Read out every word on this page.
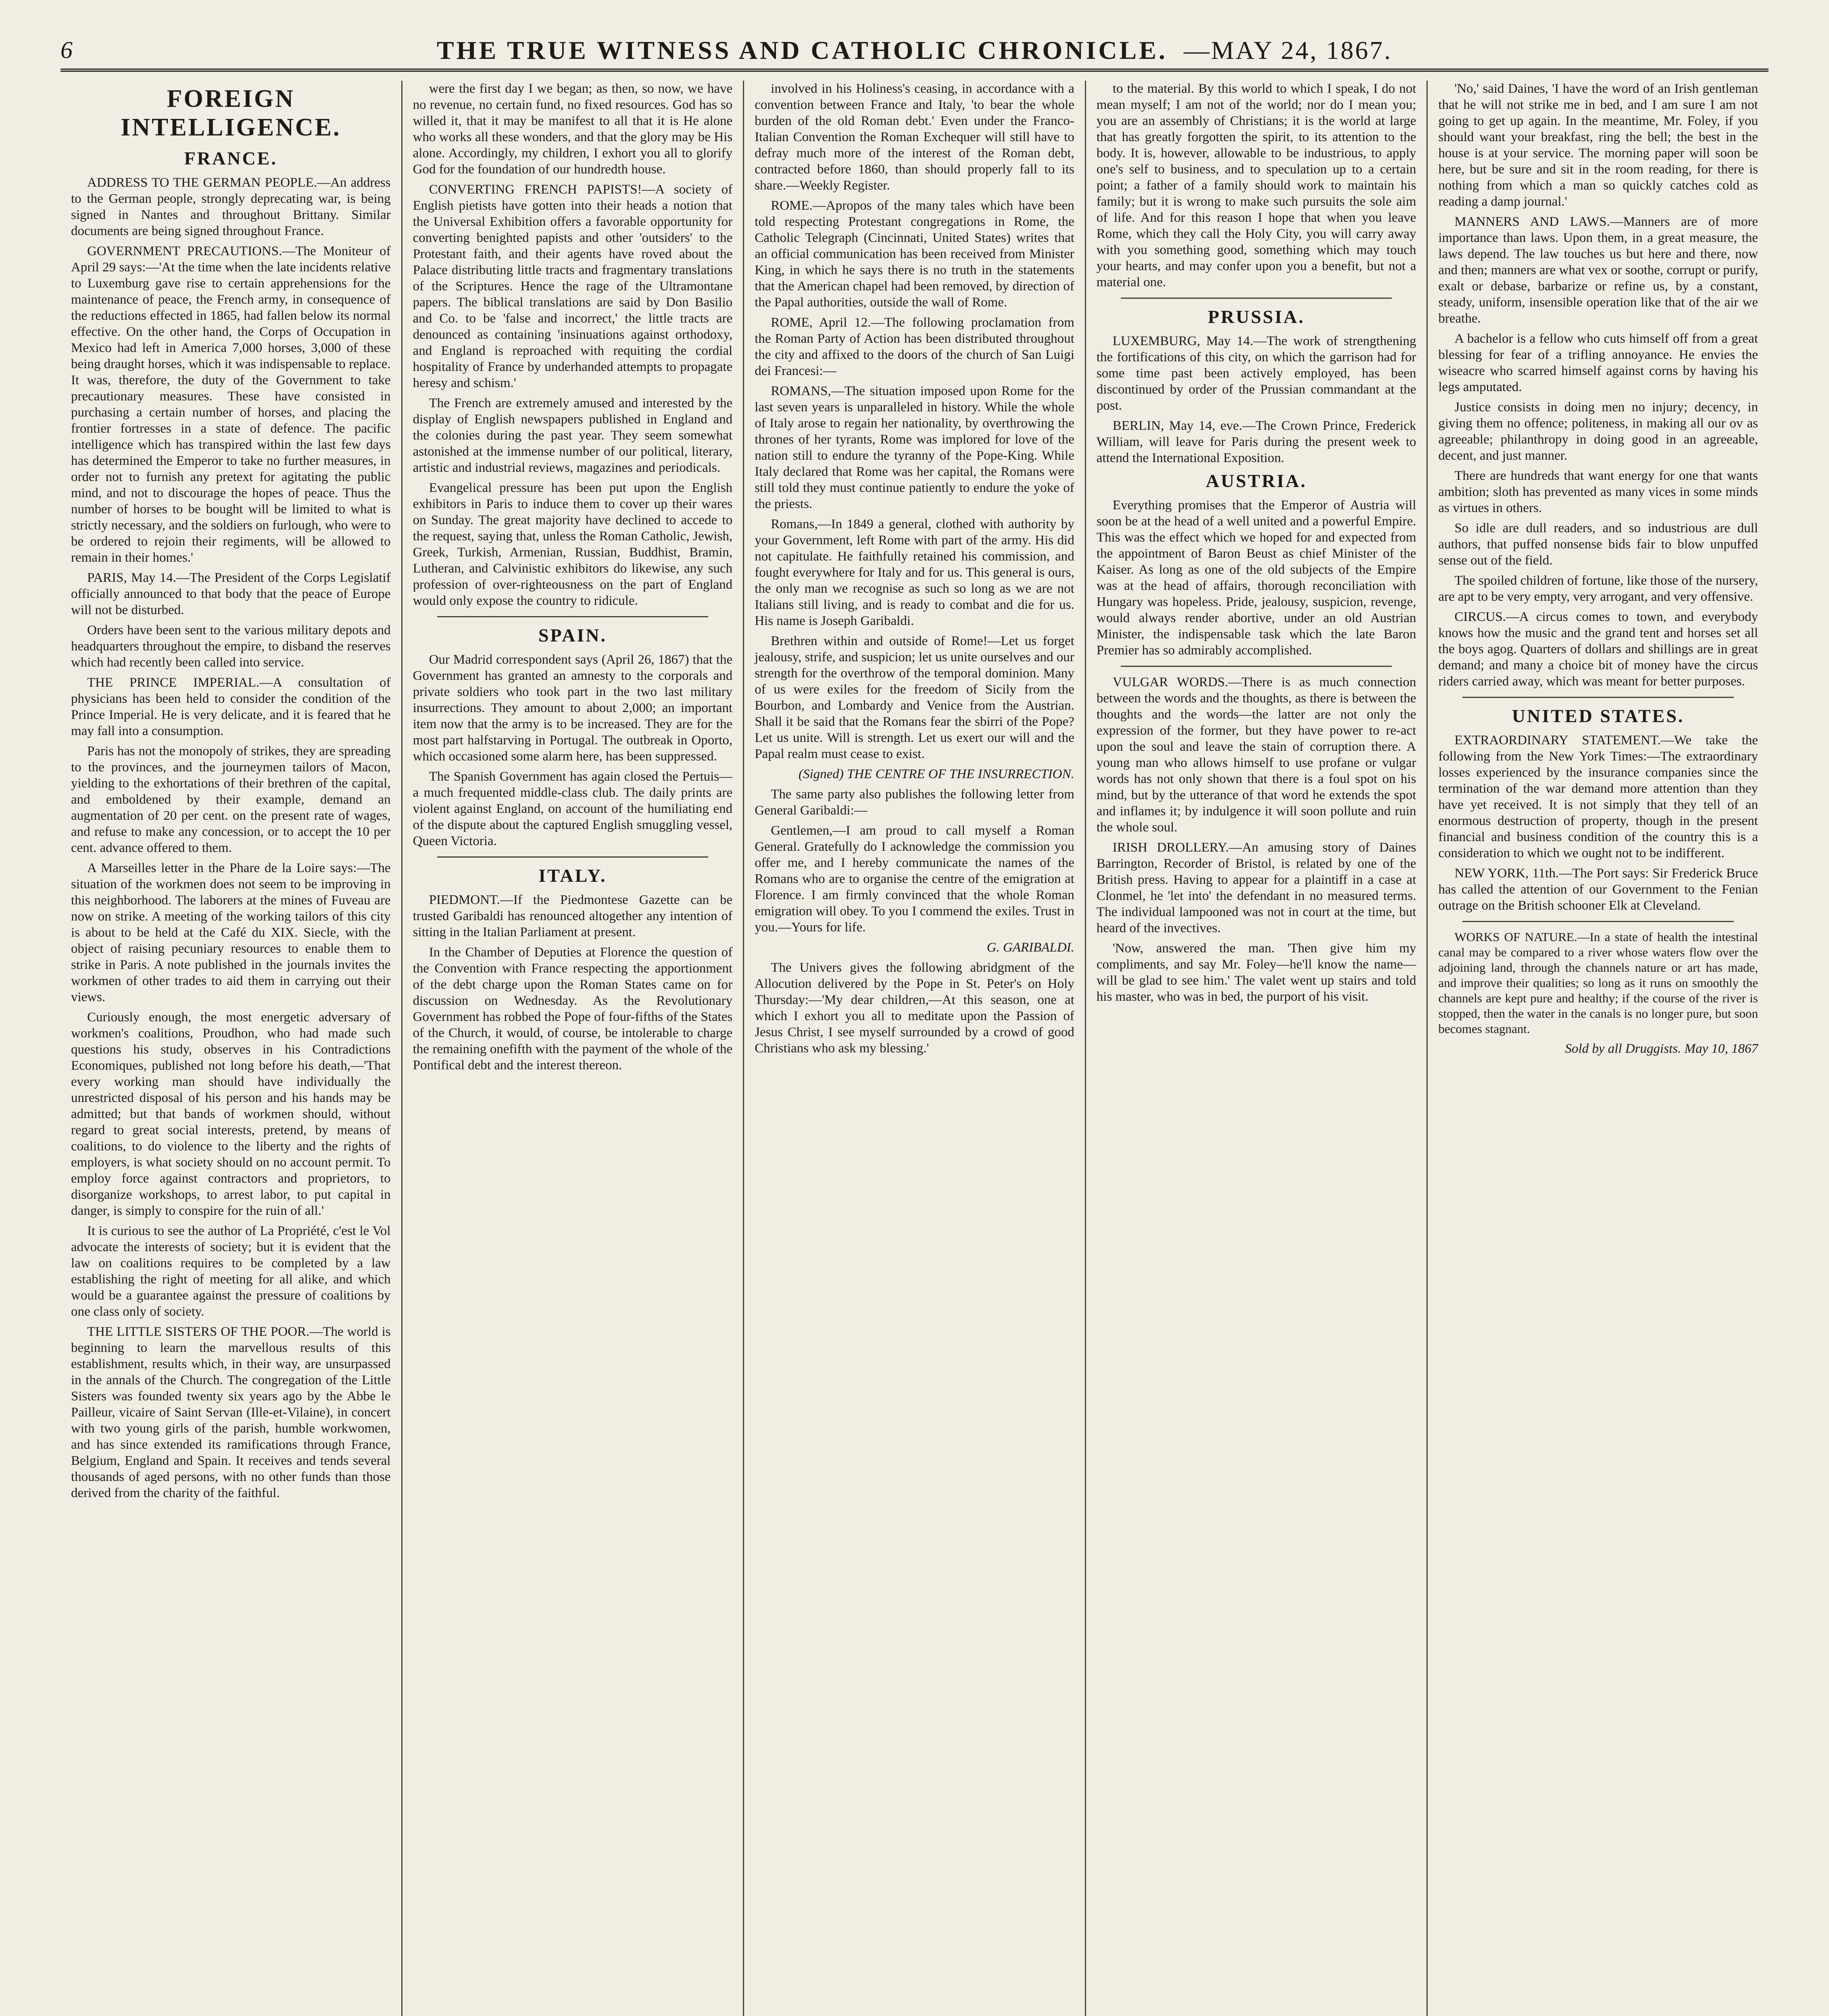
6	THE TRUE WITNESS AND CATHOLIC CHRONICLE. —MAY 24, 1867.
FOREIGN INTELLIGENCE.
FRANCE.

ADDRESS TO THE GERMAN PEOPLE.—An address to the German people, strongly deprecating war, is being signed in Nantes and throughout Brittany. Similar documents are being signed throughout France.

GOVERNMENT PRECAUTIONS.—The Moniteur of April 29 says:—'At the time when the late incidents relative to Luxemburg gave rise to certain apprehensions for the maintenance of peace, the French army, in consequence of the reductions effected in 1865, had fallen below its normal effective. On the other hand, the Corps of Occupation in Mexico had left in America 7,000 horses, 3,000 of these being draught horses, which it was indispensable to replace. It was, therefore, the duty of the Government to take precautionary measures. These have consisted in purchasing a certain number of horses, and placing the frontier fortresses in a state of defence. The pacific intelligence which has transpired within the last few days has determined the Emperor to take no further measures, in order not to furnish any pretext for agitating the public mind, and not to discourage the hopes of peace. Thus the number of horses to be bought will be limited to what is strictly necessary, and the soldiers on furlough, who were to be ordered to rejoin their regiments, will be allowed to remain in their homes.'

PARIS, May 14.—The President of the Corps Legislatif officially announced to that body that the peace of Europe will not be disturbed.

Orders have been sent to the various military depots and headquarters throughout the empire, to disband the reserves which had recently been called into service.

THE PRINCE IMPERIAL.—A consultation of physicians has been held to consider the condition of the Prince Imperial. He is very delicate, and it is feared that he may fall into a consumption.

Paris has not the monopoly of strikes, they are spreading to the provinces, and the journeymen tailors of Macon, yielding to the exhortations of their brethren of the capital, and emboldened by their example, demand an augmentation of 20 per cent. on the present rate of wages, and refuse to make any concession, or to accept the 10 per cent. advance offered to them.

A Marseilles letter in the Phare de la Loire says:—The situation of the workmen does not seem to be improving in this neighborhood. The laborers at the mines of Fuveau are now on strike. A meeting of the working tailors of this city is about to be held at the Café du XIX. Siecle, with the object of raising pecuniary resources to enable them to strike in Paris. A note published in the journals invites the workmen of other trades to aid them in carrying out their views.

Curiously enough, the most energetic adversary of workmen's coalitions, Proudhon, who had made such questions his study, observes in his Contradictions Economiques, published not long before his death,—'That every working man should have individually the unrestricted disposal of his person and his hands may be admitted; but that bands of workmen should, without regard to great social interests, pretend, by means of coalitions, to do violence to the liberty and the rights of employers, is what society should on no account permit. To employ force against contractors and proprietors, to disorganize workshops, to arrest labor, to put capital in danger, is simply to conspire for the ruin of all.'

It is curious to see the author of La Propriété, c'est le Vol advocate the interests of society; but it is evident that the law on coalitions requires to be completed by a law establishing the right of meeting for all alike, and which would be a guarantee against the pressure of coalitions by one class only of society.

THE LITTLE SISTERS OF THE POOR.—The world is beginning to learn the marvellous results of this establishment, results which, in their way, are unsurpassed in the annals of the Church. The congregation of the Little Sisters was founded twenty six years ago by the Abbe le Pailleur, vicaire of Saint Servan (Ille-et-Vilaine), in concert with two young girls of the parish, humble workwomen, and has since extended its ramifications through France, Belgium, England and Spain. It receives and tends several thousands of aged persons, with no other funds than those derived from the charity of the faithful.

were the first day I we began; as then, so now, we have no revenue, no certain fund, no fixed resources. God has so willed it, that it may be manifest to all that it is He alone who works all these wonders, and that the glory may be His alone. Accordingly, my children, I exhort you all to glorify God for the foundation of our hundredth house.

CONVERTING FRENCH PAPISTS!—A society of English pietists have gotten into their heads a notion that the Universal Exhibition offers a favorable opportunity for converting benighted papists and other 'outsiders' to the Protestant faith, and their agents have roved about the Palace distributing little tracts and fragmentary translations of the Scriptures. Hence the rage of the Ultramontane papers. The biblical translations are said by Don Basilio and Co. to be 'false and incorrect,' the little tracts are denounced as containing 'insinuations against orthodoxy, and England is reproached with requiting the cordial hospitality of France by underhanded attempts to propagate heresy and schism.'

The French are extremely amused and interested by the display of English newspapers published in England and the colonies during the past year. They seem somewhat astonished at the immense number of our political, literary, artistic and industrial reviews, magazines and periodicals.

Evangelical pressure has been put upon the English exhibitors in Paris to induce them to cover up their wares on Sunday. The great majority have declined to accede to the request, saying that, unless the Roman Catholic, Jewish, Greek, Turkish, Armenian, Russian, Buddhist, Bramin, Lutheran, and Calvinistic exhibitors do likewise, any such profession of over-righteousness on the part of England would only expose the country to ridicule.

SPAIN.

Our Madrid correspondent says (April 26, 1867) that the Government has granted an amnesty to the corporals and private soldiers who took part in the two last military insurrections. They amount to about 2,000; an important item now that the army is to be increased. They are for the most part halfstarving in Portugal. The outbreak in Oporto, which occasioned some alarm here, has been suppressed.

The Spanish Government has again closed the Pertuis—a much frequented middle-class club. The daily prints are violent against England, on account of the humiliating end of the dispute about the captured English smuggling vessel, Queen Victoria.

ITALY.

PIEDMONT.—If the Piedmontese Gazette can be trusted Garibaldi has renounced altogether any intention of sitting in the Italian Parliament at present.

In the Chamber of Deputies at Florence the question of the Convention with France respecting the apportionment of the debt charge upon the Roman States came on for discussion on Wednesday. As the Revolutionary Government has robbed the Pope of four-fifths of the States of the Church, it would, of course, be intolerable to charge the remaining onefifth with the payment of the whole of the Pontifical debt and the interest thereon.

involved in his Holiness's ceasing, in accordance with a convention between France and Italy, 'to bear the whole burden of the old Roman debt.' Even under the Franco-Italian Convention the Roman Exchequer will still have to defray much more of the interest of the Roman debt, contracted before 1860, than should properly fall to its share.—Weekly Register.

ROME.—Apropos of the many tales which have been told respecting Protestant congregations in Rome, the Catholic Telegraph (Cincinnati, United States) writes that an official communication has been received from Minister King, in which he says there is no truth in the statements that the American chapel had been removed, by direction of the Papal authorities, outside the wall of Rome.

ROME, April 12.—The following proclamation from the Roman Party of Action has been distributed throughout the city and affixed to the doors of the church of San Luigi dei Francesi:—

ROMANS,—The situation imposed upon Rome for the last seven years is unparalleled in history. While the whole of Italy arose to regain her nationality, by overthrowing the thrones of her tyrants, Rome was implored for love of the nation still to endure the tyranny of the Pope-King. While Italy declared that Rome was her capital, the Romans were still told they must continue patiently to endure the yoke of the priests.

Romans,—In 1849 a general, clothed with authority by your Government, left Rome with part of the army. His did not capitulate. He faithfully retained his commission, and fought everywhere for Italy and for us. This general is ours, the only man we recognise as such so long as we are not Italians still living, and is ready to combat and die for us. His name is Joseph Garibaldi.

Brethren within and outside of Rome!—Let us forget jealousy, strife, and suspicion; let us unite ourselves and our strength for the overthrow of the temporal dominion. Many of us were exiles for the freedom of Sicily from the Bourbon, and Lombardy and Venice from the Austrian. Shall it be said that the Romans fear the sbirri of the Pope? Let us unite. Will is strength. Let us exert our will and the Papal realm must cease to exist.

(Signed) THE CENTRE OF THE INSURRECTION.

The same party also publishes the following letter from General Garibaldi:—

Gentlemen,—I am proud to call myself a Roman General. Gratefully do I acknowledge the commission you offer me, and I hereby communicate the names of the Romans who are to organise the centre of the emigration at Florence. I am firmly convinced that the whole Roman emigration will obey. To you I commend the exiles. Trust in you.—Yours for life.

G. GARIBALDI.

The Univers gives the following abridgment of the Allocution delivered by the Pope in St. Peter's on Holy Thursday:—'My dear children,—At this season, one at which I exhort you all to meditate upon the Passion of Jesus Christ, I see myself surrounded by a crowd of good Christians who ask my blessing.'

to the material. By this world to which I speak, I do not mean myself; I am not of the world; nor do I mean you; you are an assembly of Christians; it is the world at large that has greatly forgotten the spirit, to its attention to the body. It is, however, allowable to be industrious, to apply one's self to business, and to speculation up to a certain point; a father of a family should work to maintain his family; but it is wrong to make such pursuits the sole aim of life. And for this reason I hope that when you leave Rome, which they call the Holy City, you will carry away with you something good, something which may touch your hearts, and may confer upon you a benefit, but not a material one.

PRUSSIA.

LUXEMBURG, May 14.—The work of strengthening the fortifications of this city, on which the garrison had for some time past been actively employed, has been discontinued by order of the Prussian commandant at the post.

BERLIN, May 14, eve.—The Crown Prince, Frederick William, will leave for Paris during the present week to attend the International Exposition.

AUSTRIA.

Everything promises that the Emperor of Austria will soon be at the head of a well united and a powerful Empire. This was the effect which we hoped for and expected from the appointment of Baron Beust as chief Minister of the Kaiser. As long as one of the old subjects of the Empire was at the head of affairs, thorough reconciliation with Hungary was hopeless. Pride, jealousy, suspicion, revenge, would always render abortive, under an old Austrian Minister, the indispensable task which the late Baron Premier has so admirably accomplished.

VULGAR WORDS.—There is as much connection between the words and the thoughts, as there is between the thoughts and the words—the latter are not only the expression of the former, but they have power to re-act upon the soul and leave the stain of corruption there. A young man who allows himself to use profane or vulgar words has not only shown that there is a foul spot on his mind, but by the utterance of that word he extends the spot and inflames it; by indulgence it will soon pollute and ruin the whole soul.

IRISH DROLLERY.—An amusing story of Daines Barrington, Recorder of Bristol, is related by one of the British press. Having to appear for a plaintiff in a case at Clonmel, he 'let into' the defendant in no measured terms. The individual lampooned was not in court at the time, but heard of the invectives.

'Now, answered the man. 'Then give him my compliments, and say Mr. Foley—he'll know the name—will be glad to see him.' The valet went up stairs and told his master, who was in bed, the purport of his visit.

'No,' said Daines, 'I have the word of an Irish gentleman that he will not strike me in bed, and I am sure I am not going to get up again. In the meantime, Mr. Foley, if you should want your breakfast, ring the bell; the best in the house is at your service. The morning paper will soon be here, but be sure and sit in the room reading, for there is nothing from which a man so quickly catches cold as reading a damp journal.'

MANNERS AND LAWS.—Manners are of more importance than laws. Upon them, in a great measure, the laws depend. The law touches us but here and there, now and then; manners are what vex or soothe, corrupt or purify, exalt or debase, barbarize or refine us, by a constant, steady, uniform, insensible operation like that of the air we breathe.

A bachelor is a fellow who cuts himself off from a great blessing for fear of a trifling annoyance. He envies the wiseacre who scarred himself against corns by having his legs amputated.

Justice consists in doing men no injury; decency, in giving them no offence; politeness, in making all our ov as agreeable; philanthropy in doing good in an agreeable, decent, and just manner.

There are hundreds that want energy for one that wants ambition; sloth has prevented as many vices in some minds as virtues in others.

So idle are dull readers, and so industrious are dull authors, that puffed nonsense bids fair to blow unpuffed sense out of the field.

The spoiled children of fortune, like those of the nursery, are apt to be very empty, very arrogant, and very offensive.

CIRCUS.—A circus comes to town, and everybody knows how the music and the grand tent and horses set all the boys agog. Quarters of dollars and shillings are in great demand; and many a choice bit of money have the circus riders carried away, which was meant for better purposes.

UNITED STATES.

EXTRAORDINARY STATEMENT.—We take the following from the New York Times:—The extraordinary losses experienced by the insurance companies since the termination of the war demand more attention than they have yet received. It is not simply that they tell of an enormous destruction of property, though in the present financial and business condition of the country this is a consideration to which we ought not to be indifferent.

NEW YORK, 11th.—The Port says: Sir Frederick Bruce has called the attention of our Government to the Fenian outrage on the British schooner Elk at Cleveland.

WORKS OF NATURE.—In a state of health the intestinal canal may be compared to a river whose waters flow over the adjoining land, through the channels nature or art has made, and improve their qualities; so long as it runs on smoothly the channels are kept pure and healthy; if the course of the river is stopped, then the water in the canals is no longer pure, but soon becomes stagnant.

Sold by all Druggists. May 10, 1867
